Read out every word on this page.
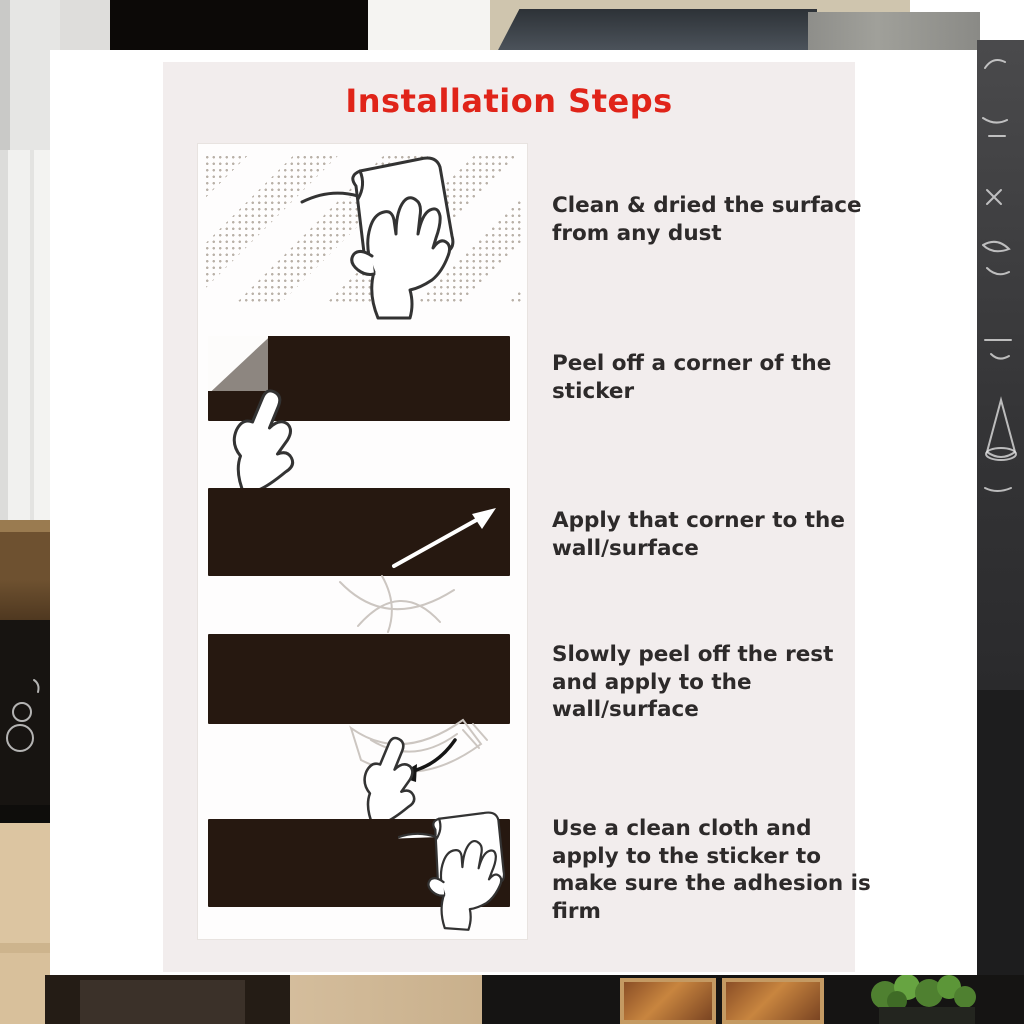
Installation Steps
Clean & dried the surface from any dust
Peel off a corner of the sticker
Apply that corner to the wall/surface
Slowly peel off the rest and apply to the wall/surface
Use a clean cloth and apply to the sticker to make sure the adhesion is firm
